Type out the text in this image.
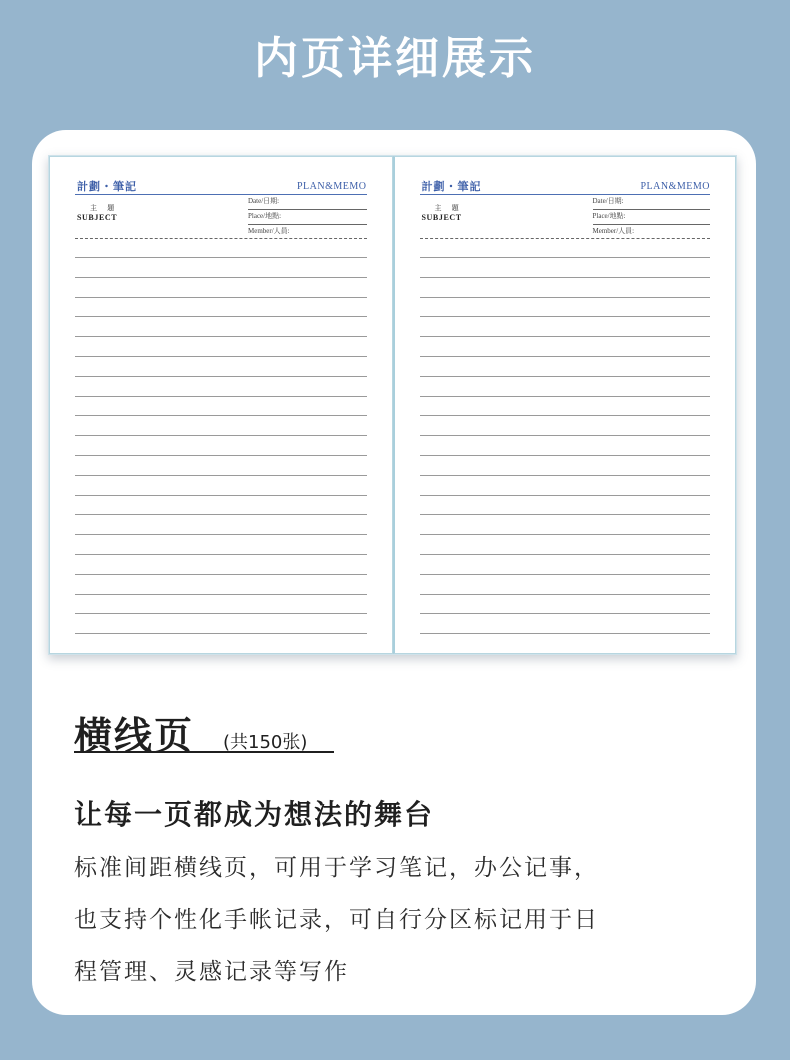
内页详细展示
計劃・筆記	PLAN&MEMO
主 題
SUBJECT
Date/日期:
Place/地點:
Member/人員:
計劃・筆記	PLAN&MEMO
主 題
SUBJECT
Date/日期:
Place/地點:
Member/人員:
横线页 (共150张)
让每一页都成为想法的舞台
标准间距横线页，可用于学习笔记，办公记事，
也支持个性化手帐记录，可自行分区标记用于日
程管理、灵感记录等写作
